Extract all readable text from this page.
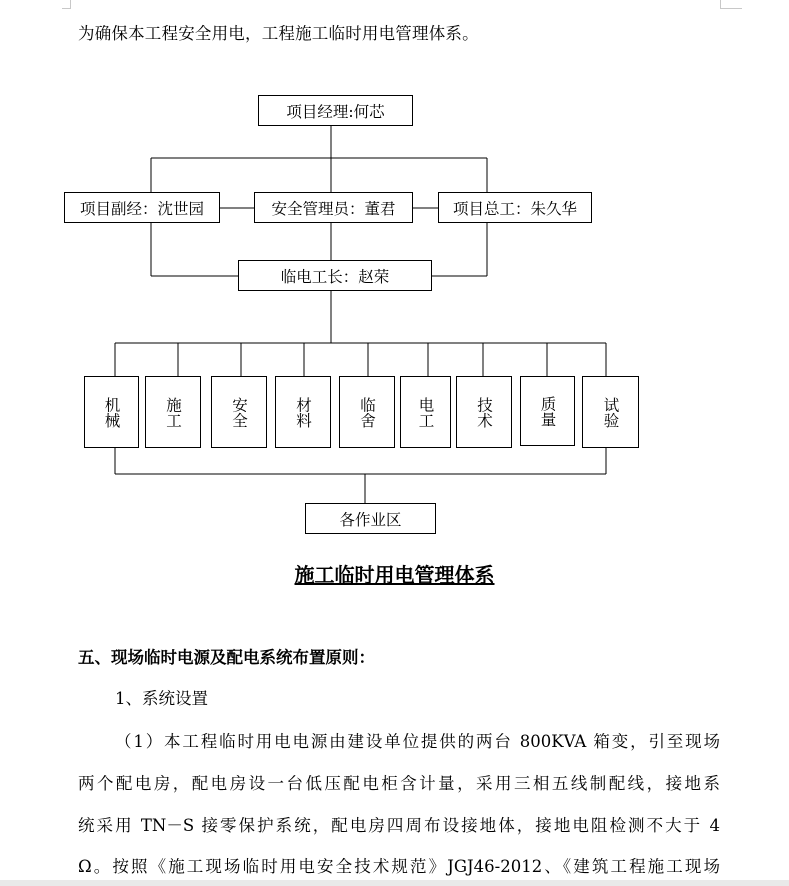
为确保本工程安全用电，工程施工临时用电管理体系。
项目经理:何芯
项目副经：沈世园	安全管理员：董君	项目总工：朱久华
临电工长：赵荣
机械	施工	安全	材料	临舍	电工	技术	质量	试验
各作业区
施工临时用电管理体系
五、现场临时电源及配电系统布置原则：
1、系统设置
（1）本工程临时用电电源由建设单位提供的两台 800KVA 箱变，引至现场
两个配电房，配电房设一台低压配电柜含计量，采用三相五线制配线，接地系
统采用 TN－S 接零保护系统，配电房四周布设接地体，接地电阻检测不大于 4
Ω。按照《施工现场临时用电安全技术规范》JGJ46-2012、《建筑工程施工现场
